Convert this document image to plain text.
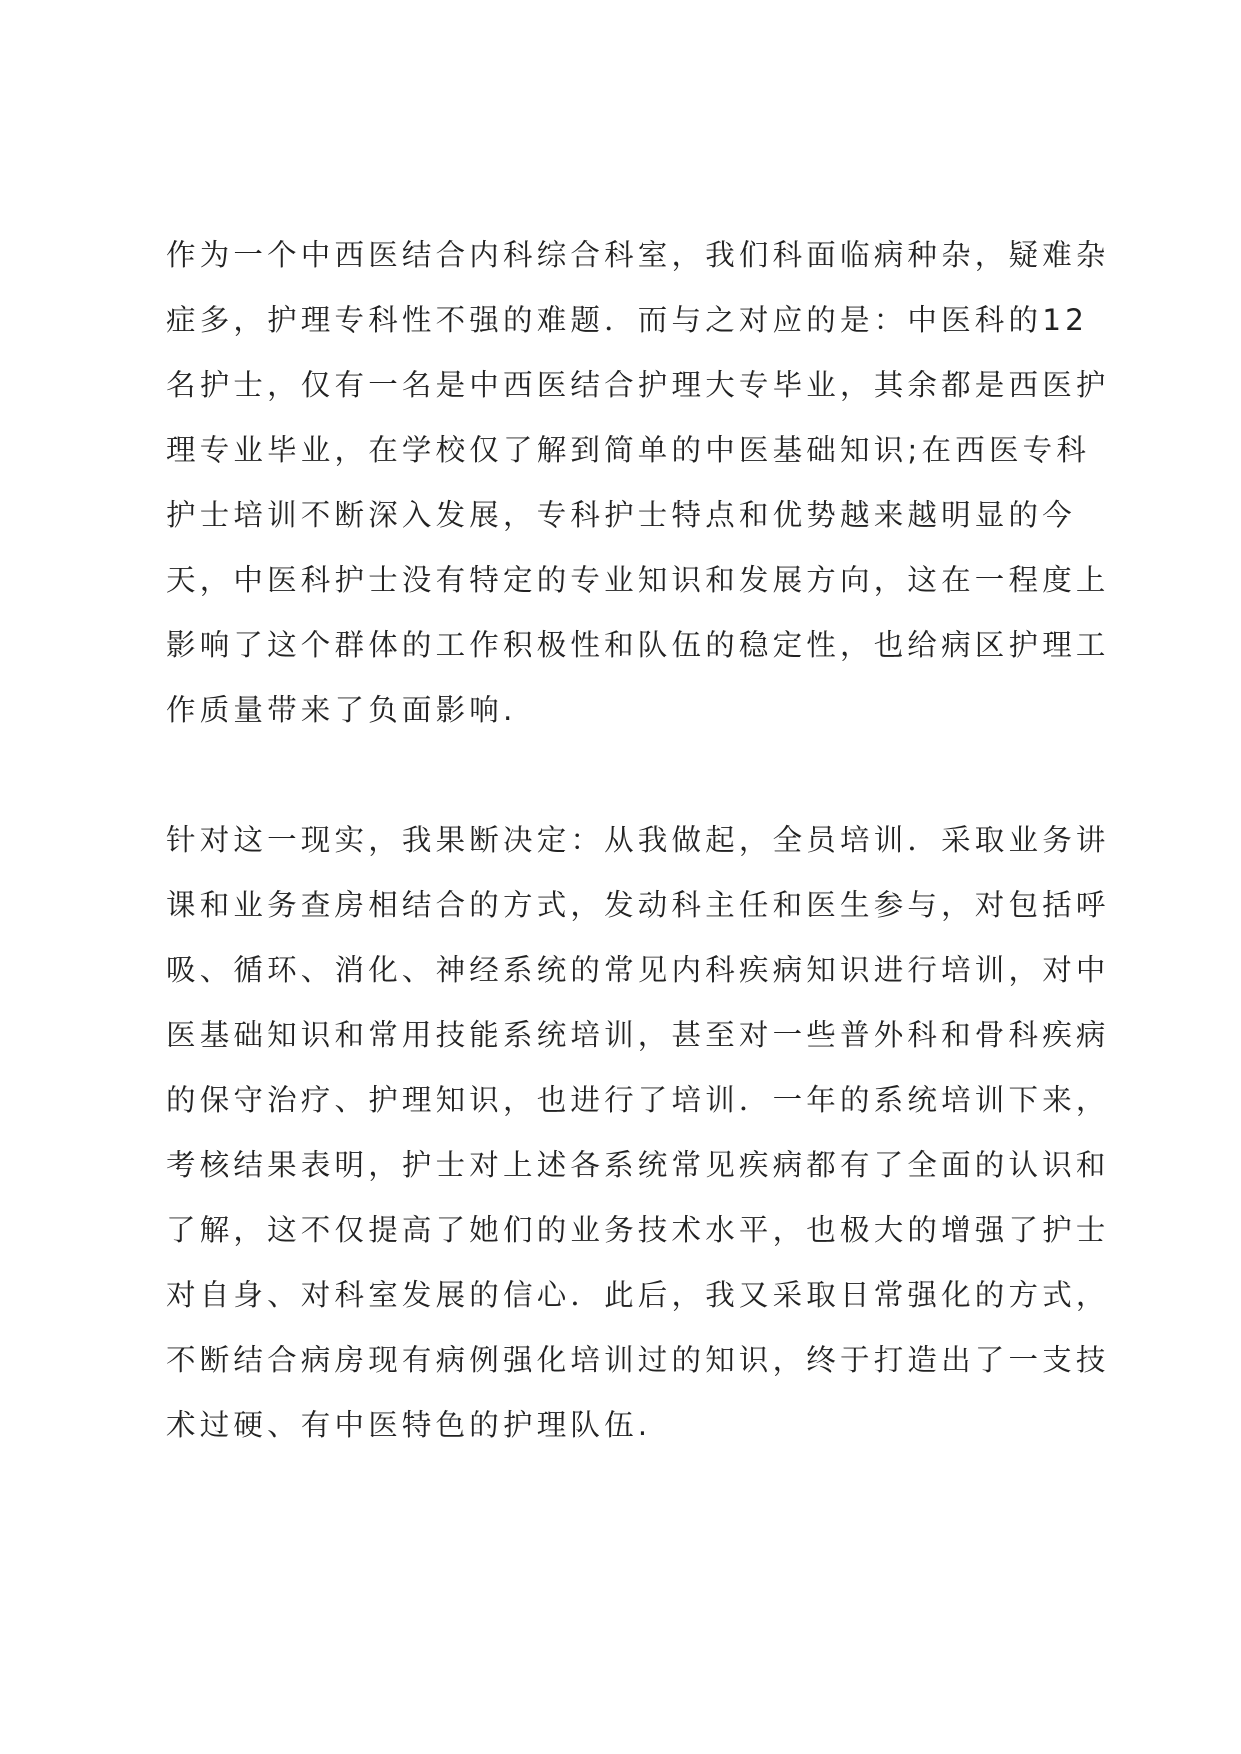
作为一个中西医结合内科综合科室，我们科面临病种杂，疑难杂
症多，护理专科性不强的难题．而与之对应的是：中医科的12
名护士，仅有一名是中西医结合护理大专毕业，其余都是西医护
理专业毕业，在学校仅了解到简单的中医基础知识;在西医专科
护士培训不断深入发展，专科护士特点和优势越来越明显的今
天，中医科护士没有特定的专业知识和发展方向，这在一程度上
影响了这个群体的工作积极性和队伍的稳定性，也给病区护理工
作质量带来了负面影响.
针对这一现实，我果断决定：从我做起，全员培训．采取业务讲
课和业务查房相结合的方式，发动科主任和医生参与，对包括呼
吸、循环、消化、神经系统的常见内科疾病知识进行培训，对中
医基础知识和常用技能系统培训，甚至对一些普外科和骨科疾病
的保守治疗、护理知识，也进行了培训．一年的系统培训下来，
考核结果表明，护士对上述各系统常见疾病都有了全面的认识和
了解，这不仅提高了她们的业务技术水平，也极大的增强了护士
对自身、对科室发展的信心．此后，我又采取日常强化的方式，
不断结合病房现有病例强化培训过的知识，终于打造出了一支技
术过硬、有中医特色的护理队伍.
